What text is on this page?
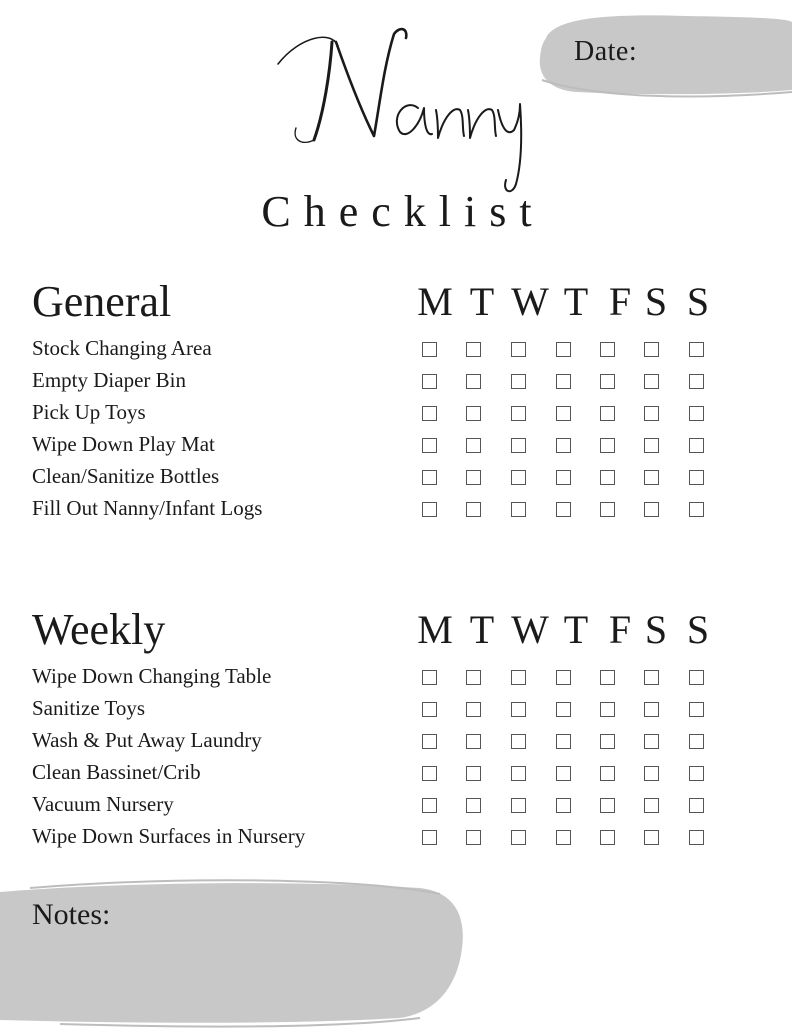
Date:
Checklist
General	M T W T F S S
Stock Changing Area
Empty Diaper Bin
Pick Up Toys
Wipe Down Play Mat
Clean/Sanitize Bottles
Fill Out Nanny/Infant Logs
Weekly	M T W T F S S
Wipe Down Changing Table
Sanitize Toys
Wash & Put Away Laundry
Clean Bassinet/Crib
Vacuum Nursery
Wipe Down Surfaces in Nursery
Notes:
